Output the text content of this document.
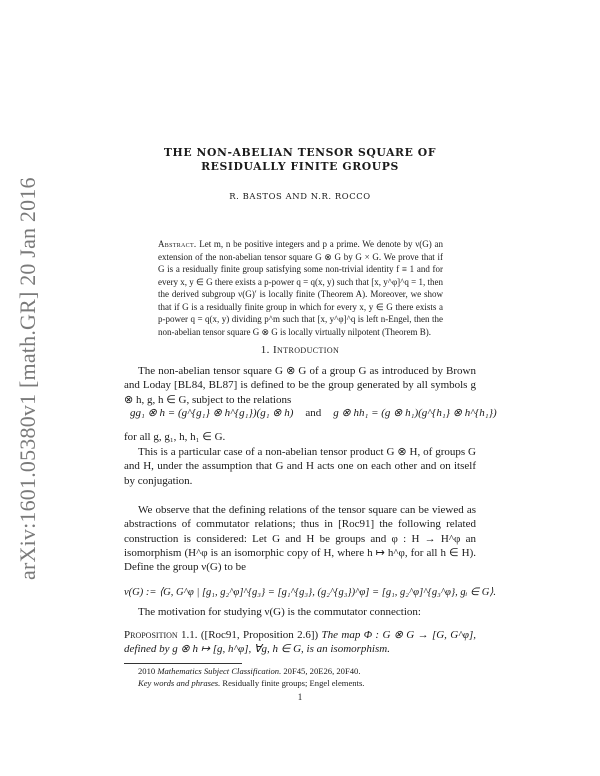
arXiv:1601.05380v1 [math.GR] 20 Jan 2016
THE NON-ABELIAN TENSOR SQUARE OF
RESIDUALLY FINITE GROUPS
R. BASTOS AND N.R. ROCCO
Abstract. Let m, n be positive integers and p a prime. We denote by ν(G) an extension of the non-abelian tensor square G ⊗ G by G × G. We prove that if G is a residually finite group satisfying some non-trivial identity f ≡ 1 and for every x, y ∈ G there exists a p-power q = q(x, y) such that [x, y^φ]^q = 1, then the derived subgroup ν(G)′ is locally finite (Theorem A). Moreover, we show that if G is a residually finite group in which for every x, y ∈ G there exists a p-power q = q(x, y) dividing p^m such that [x, y^φ]^q is left n-Engel, then the non-abelian tensor square G ⊗ G is locally virtually nilpotent (Theorem B).
1. Introduction
The non-abelian tensor square G ⊗ G of a group G as introduced by Brown and Loday [BL84, BL87] is defined to be the group generated by all symbols g ⊗ h, g, h ∈ G, subject to the relations
gg₁ ⊗ h = (g^{g₁} ⊗ h^{g₁})(g₁ ⊗ h) and g ⊗ hh₁ = (g ⊗ h₁)(g^{h₁} ⊗ h^{h₁})
for all g, g₁, h, h₁ ∈ G.
This is a particular case of a non-abelian tensor product G ⊗ H, of groups G and H, under the assumption that G and H acts one on each other and on itself by conjugation.
We observe that the defining relations of the tensor square can be viewed as abstractions of commutator relations; thus in [Roc91] the following related construction is considered: Let G and H be groups and φ : H → H^φ an isomorphism (H^φ is an isomorphic copy of H, where h ↦ h^φ, for all h ∈ H). Define the group ν(G) to be
ν(G) := ⟨G, G^φ | [g₁, g₂^φ]^{g₃} = [g₁^{g₃}, (g₂^{g₃})^φ] = [g₁, g₂^φ]^{g₃^φ}, gᵢ ∈ G⟩.
The motivation for studying ν(G) is the commutator connection:
Proposition 1.1. ([Roc91, Proposition 2.6]) The map Φ : G ⊗ G → [G, G^φ], defined by g ⊗ h ↦ [g, h^φ], ∀g, h ∈ G, is an isomorphism.
2010 Mathematics Subject Classification. 20F45, 20E26, 20F40.
Key words and phrases. Residually finite groups; Engel elements.
1
